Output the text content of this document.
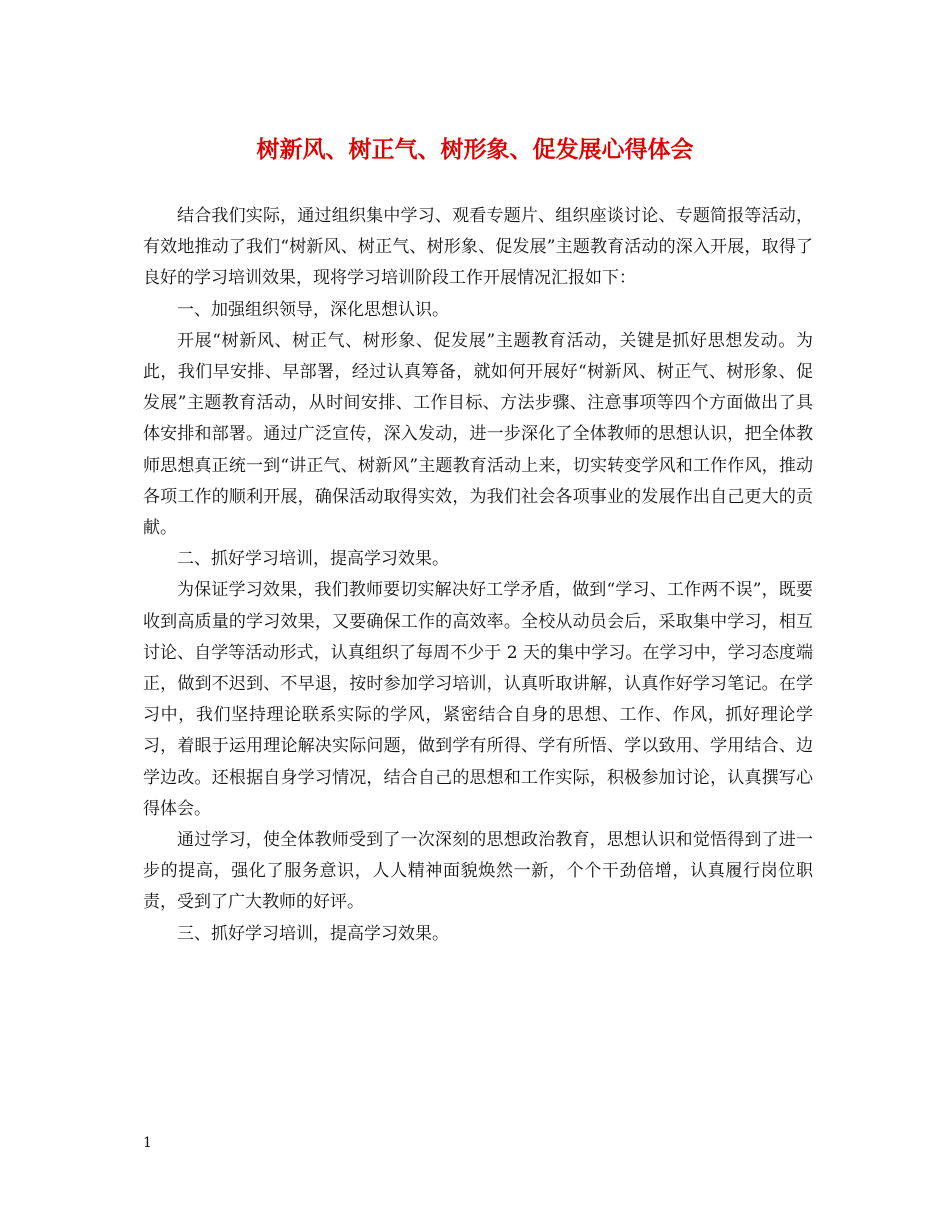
树新风、树正气、树形象、促发展心得体会

结合我们实际，通过组织集中学习、观看专题片、组织座谈讨论、专题简报等活动，有效地推动了我们“树新风、树正气、树形象、促发展”主题教育活动的深入开展，取得了良好的学习培训效果，现将学习培训阶段工作开展情况汇报如下：

一、加强组织领导，深化思想认识。

开展“树新风、树正气、树形象、促发展”主题教育活动，关键是抓好思想发动。为此，我们早安排、早部署，经过认真筹备，就如何开展好“树新风、树正气、树形象、促发展”主题教育活动，从时间安排、工作目标、方法步骤、注意事项等四个方面做出了具体安排和部署。通过广泛宣传，深入发动，进一步深化了全体教师的思想认识，把全体教师思想真正统一到“讲正气、树新风”主题教育活动上来，切实转变学风和工作作风，推动各项工作的顺利开展，确保活动取得实效，为我们社会各项事业的发展作出自己更大的贡献。

二、抓好学习培训，提高学习效果。

为保证学习效果，我们教师要切实解决好工学矛盾，做到“学习、工作两不误”，既要收到高质量的学习效果，又要确保工作的高效率。全校从动员会后，采取集中学习，相互讨论、自学等活动形式，认真组织了每周不少于 2 天的集中学习。在学习中，学习态度端正，做到不迟到、不早退，按时参加学习培训，认真听取讲解，认真作好学习笔记。在学习中，我们坚持理论联系实际的学风，紧密结合自身的思想、工作、作风，抓好理论学习，着眼于运用理论解决实际问题，做到学有所得、学有所悟、学以致用、学用结合、边学边改。还根据自身学习情况，结合自己的思想和工作实际，积极参加讨论，认真撰写心得体会。

通过学习，使全体教师受到了一次深刻的思想政治教育，思想认识和觉悟得到了进一步的提高，强化了服务意识，人人精神面貌焕然一新，个个干劲倍增，认真履行岗位职责，受到了广大教师的好评。

三、抓好学习培训，提高学习效果。

1
